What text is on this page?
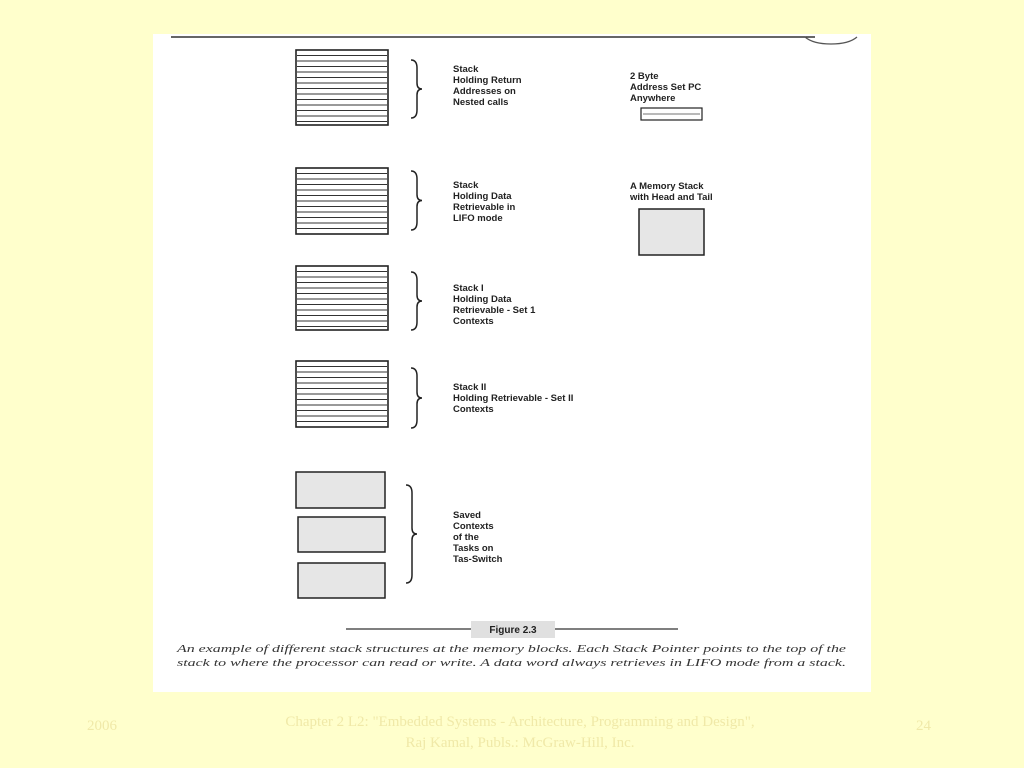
Stack Holding Return Addresses on Nested calls
Stack Holding Data Retrievable in LIFO mode
Stack I Holding Data Retrievable - Set 1 Contexts
Stack II Holding Retrievable - Set II Contexts
Saved Contexts of the Tasks on Tas-Switch
2 Byte Address Set PC Anywhere
A Memory Stack with Head and Tail
Figure 2.3
An example of different stack structures at the memory blocks. Each Stack Pointer points to the top of the
stack to where the processor can read or write. A data word always retrieves in LIFO mode from a stack.
2006	Chapter 2 L2: "Embedded Systems - Architecture, Programming and Design",
Raj Kamal, Publs.: McGraw-Hill, Inc.
24
